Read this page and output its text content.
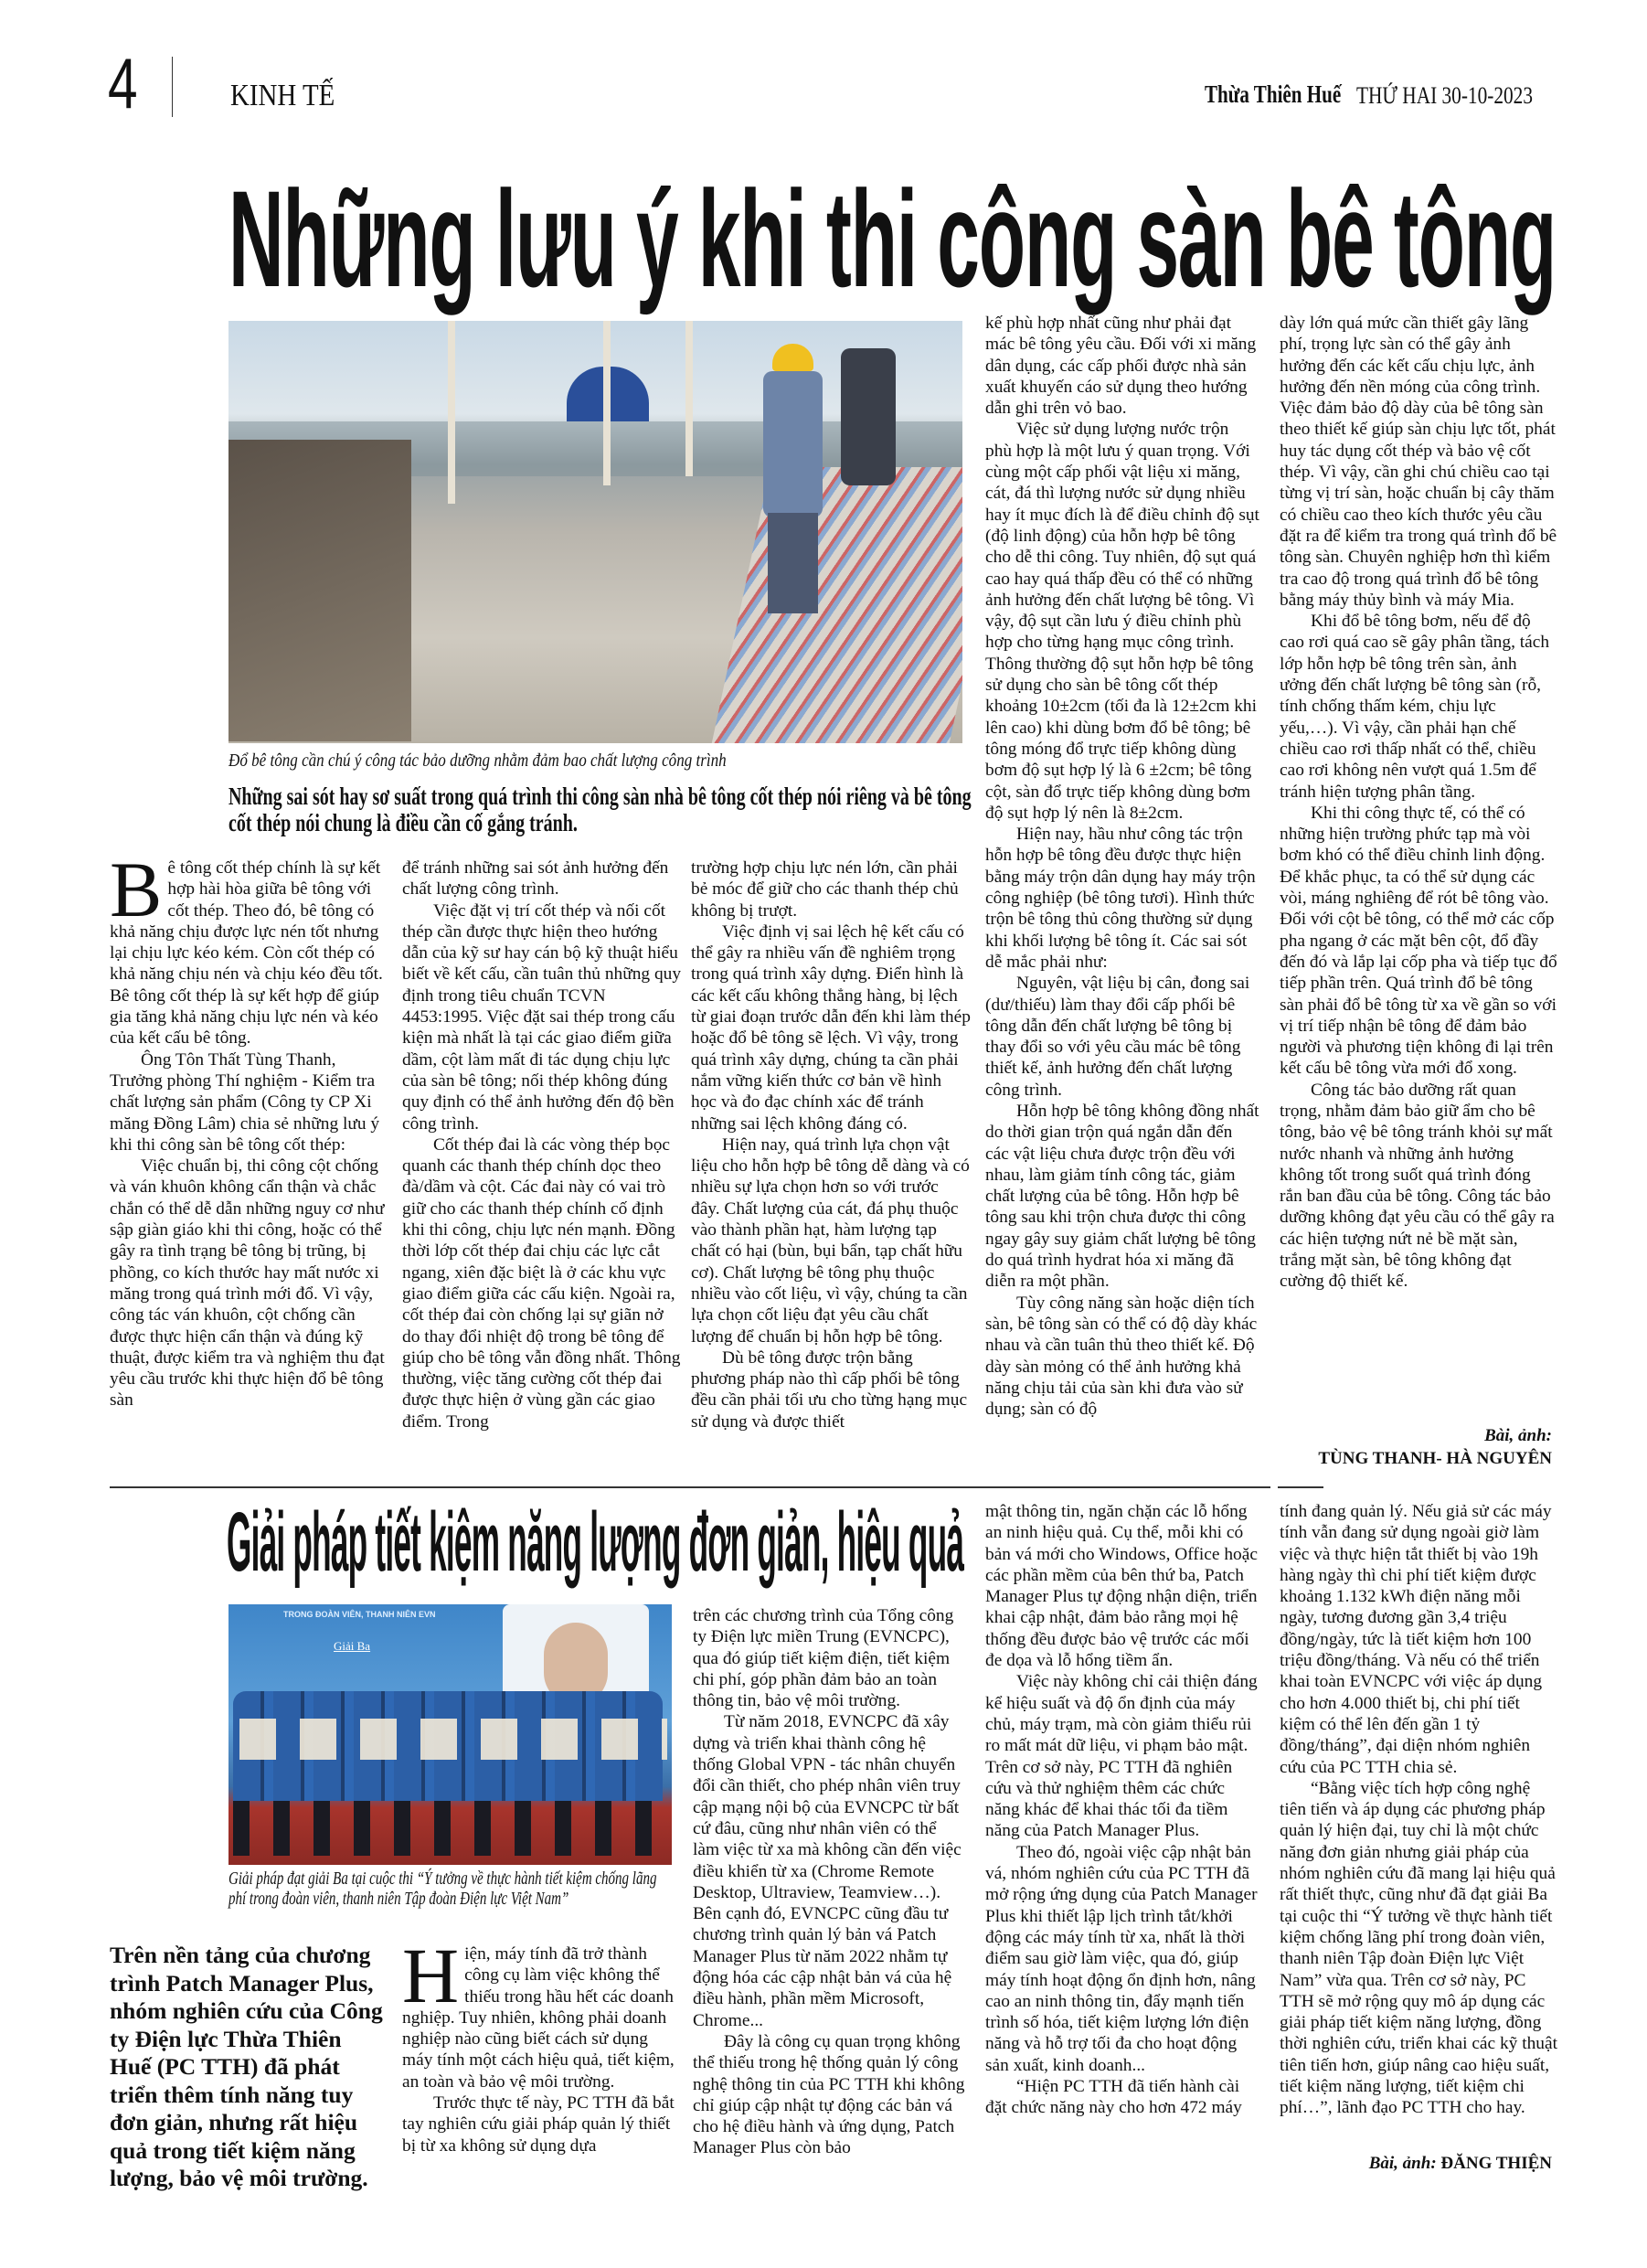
4	KINH TẾ	Thừa Thiên Huế THỨ HAI 30-10-2023
Những lưu ý khi thi công sàn bê tông
Đổ bê tông cần chú ý công tác bảo dưỡng nhằm đảm bao chất lượng công trình
Những sai sót hay sơ suất trong quá trình thi công sàn nhà bê tông cốt thép nói riêng và bê tông cốt thép nói chung là điều cần cố gắng tránh.
B ê tông cốt thép chính là sự kết hợp hài hòa giữa bê tông với cốt thép. Theo đó, bê tông có khả năng chịu được lực nén tốt nhưng lại chịu lực kéo kém. Còn cốt thép có khả năng chịu nén và chịu kéo đều tốt. Bê tông cốt thép là sự kết hợp để giúp gia tăng khả năng chịu lực nén và kéo của kết cấu bê tông.

Ông Tôn Thất Tùng Thanh, Trưởng phòng Thí nghiệm - Kiểm tra chất lượng sản phẩm (Công ty CP Xi măng Đồng Lâm) chia sẻ những lưu ý khi thi công sàn bê tông cốt thép:

Việc chuẩn bị, thi công cột chống và ván khuôn không cẩn thận và chắc chắn có thể dễ dẫn những nguy cơ như sập giàn giáo khi thi công, hoặc có thể gây ra tình trạng bê tông bị trũng, bị phồng, co kích thước hay mất nước xi măng trong quá trình mới đổ. Vì vậy, công tác ván khuôn, cột chống cần được thực hiện cẩn thận và đúng kỹ thuật, được kiểm tra và nghiệm thu đạt yêu cầu trước khi thực hiện đổ bê tông sàn

để tránh những sai sót ảnh hưởng đến chất lượng công trình.

Việc đặt vị trí cốt thép và nối cốt thép cần được thực hiện theo hướng dẫn của kỹ sư hay cán bộ kỹ thuật hiểu biết về kết cấu, cần tuân thủ những quy định trong tiêu chuẩn TCVN 4453:1995. Việc đặt sai thép trong cấu kiện mà nhất là tại các giao điểm giữa dầm, cột làm mất đi tác dụng chịu lực của sàn bê tông; nối thép không đúng quy định có thể ảnh hưởng đến độ bền công trình.

Cốt thép đai là các vòng thép bọc quanh các thanh thép chính dọc theo đà/dầm và cột. Các đai này có vai trò giữ cho các thanh thép chính cố định khi thi công, chịu lực nén mạnh. Đồng thời lớp cốt thép đai chịu các lực cắt ngang, xiên đặc biệt là ở các khu vực giao điểm giữa các cấu kiện. Ngoài ra, cốt thép đai còn chống lại sự giãn nở do thay đổi nhiệt độ trong bê tông để giúp cho bê tông vẫn đồng nhất. Thông thường, việc tăng cường cốt thép đai được thực hiện ở vùng gần các giao điểm. Trong

trường hợp chịu lực nén lớn, cần phải bẻ móc để giữ cho các thanh thép chủ không bị trượt.

Việc định vị sai lệch hệ kết cấu có thể gây ra nhiều vấn đề nghiêm trọng trong quá trình xây dựng. Điển hình là các kết cấu không thẳng hàng, bị lệch từ giai đoạn trước dẫn đến khi làm thép hoặc đổ bê tông sẽ lệch. Vì vậy, trong quá trình xây dựng, chúng ta cần phải nắm vững kiến thức cơ bản về hình học và đo đạc chính xác để tránh những sai lệch không đáng có.

Hiện nay, quá trình lựa chọn vật liệu cho hỗn hợp bê tông dễ dàng và có nhiều sự lựa chọn hơn so với trước đây. Chất lượng của cát, đá phụ thuộc vào thành phần hạt, hàm lượng tạp chất có hại (bùn, bụi bẩn, tạp chất hữu cơ). Chất lượng bê tông phụ thuộc nhiều vào cốt liệu, vì vậy, chúng ta cần lựa chọn cốt liệu đạt yêu cầu chất lượng để chuẩn bị hỗn hợp bê tông.

Dù bê tông được trộn bằng phương pháp nào thì cấp phối bê tông đều cần phải tối ưu cho từng hạng mục sử dụng và được thiết

kế phù hợp nhất cũng như phải đạt mác bê tông yêu cầu. Đối với xi măng dân dụng, các cấp phối được nhà sản xuất khuyến cáo sử dụng theo hướng dẫn ghi trên vỏ bao.

Việc sử dụng lượng nước trộn phù hợp là một lưu ý quan trọng. Với cùng một cấp phối vật liệu xi măng, cát, đá thì lượng nước sử dụng nhiều hay ít mục đích là để điều chỉnh độ sụt (độ linh động) của hỗn hợp bê tông cho dễ thi công. Tuy nhiên, độ sụt quá cao hay quá thấp đều có thể có những ảnh hưởng đến chất lượng bê tông. Vì vậy, độ sụt cần lưu ý điều chỉnh phù hợp cho từng hạng mục công trình. Thông thường độ sụt hỗn hợp bê tông sử dụng cho sàn bê tông cốt thép khoảng 10±2cm (tối đa là 12±2cm khi lên cao) khi dùng bơm đổ bê tông; bê tông móng đổ trực tiếp không dùng bơm độ sụt hợp lý là 6 ±2cm; bê tông cột, sàn đổ trực tiếp không dùng bơm độ sụt hợp lý nên là 8±2cm.

Hiện nay, hầu như công tác trộn hỗn hợp bê tông đều được thực hiện bằng máy trộn dân dụng hay máy trộn công nghiệp (bê tông tươi). Hình thức trộn bê tông thủ công thường sử dụng khi khối lượng bê tông ít. Các sai sót dễ mắc phải như:

Nguyên, vật liệu bị cân, đong sai (dư/thiếu) làm thay đổi cấp phối bê tông dẫn đến chất lượng bê tông bị thay đổi so với yêu cầu mác bê tông thiết kế, ảnh hưởng đến chất lượng công trình.

Hỗn hợp bê tông không đồng nhất do thời gian trộn quá ngắn dẫn đến các vật liệu chưa được trộn đều với nhau, làm giảm tính công tác, giảm chất lượng của bê tông. Hỗn hợp bê tông sau khi trộn chưa được thi công ngay gây suy giảm chất lượng bê tông do quá trình hydrat hóa xi măng đã diễn ra một phần.

Tùy công năng sàn hoặc diện tích sàn, bê tông sàn có thể có độ dày khác nhau và cần tuân thủ theo thiết kế. Độ dày sàn mỏng có thể ảnh hưởng khả năng chịu tải của sàn khi đưa vào sử dụng; sàn có độ

dày lớn quá mức cần thiết gây lãng phí, trọng lực sàn có thể gây ảnh hưởng đến các kết cấu chịu lực, ảnh hưởng đến nền móng của công trình. Việc đảm bảo độ dày của bê tông sàn theo thiết kế giúp sàn chịu lực tốt, phát huy tác dụng cốt thép và bảo vệ cốt thép. Vì vậy, cần ghi chú chiều cao tại từng vị trí sàn, hoặc chuẩn bị cây thăm có chiều cao theo kích thước yêu cầu đặt ra để kiểm tra trong quá trình đổ bê tông sàn. Chuyên nghiệp hơn thì kiểm tra cao độ trong quá trình đổ bê tông bằng máy thủy bình và máy Mia.

Khi đổ bê tông bơm, nếu để độ cao rơi quá cao sẽ gây phân tầng, tách lớp hỗn hợp bê tông trên sàn, ảnh ưởng đến chất lượng bê tông sàn (rỗ, tính chống thấm kém, chịu lực yếu,…). Vì vậy, cần phải hạn chế chiều cao rơi thấp nhất có thể, chiều cao rơi không nên vượt quá 1.5m để tránh hiện tượng phân tầng.

Khi thi công thực tế, có thể có những hiện trường phức tạp mà vòi bơm khó có thể điều chỉnh linh động. Để khắc phục, ta có thể sử dụng các vòi, máng nghiêng để rót bê tông vào. Đối với cột bê tông, có thể mở các cốp pha ngang ở các mặt bên cột, đổ đầy đến đó và lắp lại cốp pha và tiếp tục đổ tiếp phần trên. Quá trình đổ bê tông sàn phải đổ bê tông từ xa về gần so với vị trí tiếp nhận bê tông để đảm bảo người và phương tiện không đi lại trên kết cấu bê tông vừa mới đổ xong.

Công tác bảo dưỡng rất quan trọng, nhằm đảm bảo giữ ẩm cho bê tông, bảo vệ bê tông tránh khỏi sự mất nước nhanh và những ảnh hưởng không tốt trong suốt quá trình đóng rắn ban đầu của bê tông. Công tác bảo dưỡng không đạt yêu cầu có thể gây ra các hiện tượng nứt nẻ bề mặt sàn, trắng mặt sàn, bê tông không đạt cường độ thiết kế.

Bài, ảnh:
TÙNG THANH- HÀ NGUYÊN
Giải pháp tiết kiệm năng lượng đơn giản, hiệu quả
TRONG ĐOÀN VIÊN, THANH NIÊN EVN
Giải Ba
Giải pháp đạt giải Ba tại cuộc thi “Ý tưởng về thực hành tiết kiệm chống lãng phí trong đoàn viên, thanh niên Tập đoàn Điện lực Việt Nam”
Trên nền tảng của chương trình Patch Manager Plus, nhóm nghiên cứu của Công ty Điện lực Thừa Thiên Huế (PC TTH) đã phát triển thêm tính năng tuy đơn giản, nhưng rất hiệu quả trong tiết kiệm năng lượng, bảo vệ môi trường.
H iện, máy tính đã trở thành công cụ làm việc không thể thiếu trong hầu hết các doanh nghiệp. Tuy nhiên, không phải doanh nghiệp nào cũng biết cách sử dụng máy tính một cách hiệu quả, tiết kiệm, an toàn và bảo vệ môi trường.

Trước thực tế này, PC TTH đã bắt tay nghiên cứu giải pháp quản lý thiết bị từ xa không sử dụng dựa

trên các chương trình của Tổng công ty Điện lực miền Trung (EVNCPC), qua đó giúp tiết kiệm điện, tiết kiệm chi phí, góp phần đảm bảo an toàn thông tin, bảo vệ môi trường.

Từ năm 2018, EVNCPC đã xây dựng và triển khai thành công hệ thống Global VPN - tác nhân chuyển đổi cần thiết, cho phép nhân viên truy cập mạng nội bộ của EVNCPC từ bất cứ đâu, cũng như nhân viên có thể làm việc từ xa mà không cần đến việc điều khiển từ xa (Chrome Remote Desktop, Ultraview, Teamview…). Bên cạnh đó, EVNCPC cũng đầu tư chương trình quản lý bản vá Patch Manager Plus từ năm 2022 nhằm tự động hóa các cập nhật bản vá của hệ điều hành, phần mềm Microsoft, Chrome...

Đây là công cụ quan trọng không thể thiếu trong hệ thống quản lý công nghệ thông tin của PC TTH khi không chỉ giúp cập nhật tự động các bản vá cho hệ điều hành và ứng dụng, Patch Manager Plus còn bảo

mật thông tin, ngăn chặn các lỗ hổng an ninh hiệu quả. Cụ thể, mỗi khi có bản vá mới cho Windows, Office hoặc các phần mềm của bên thứ ba, Patch Manager Plus tự động nhận diện, triển khai cập nhật, đảm bảo rằng mọi hệ thống đều được bảo vệ trước các mối đe dọa và lỗ hổng tiềm ẩn.

Việc này không chỉ cải thiện đáng kể hiệu suất và độ ổn định của máy chủ, máy trạm, mà còn giảm thiểu rủi ro mất mát dữ liệu, vi phạm bảo mật. Trên cơ sở này, PC TTH đã nghiên cứu và thử nghiệm thêm các chức năng khác để khai thác tối đa tiềm năng của Patch Manager Plus.

Theo đó, ngoài việc cập nhật bản vá, nhóm nghiên cứu của PC TTH đã mở rộng ứng dụng của Patch Manager Plus khi thiết lập lịch trình tắt/khởi động các máy tính từ xa, nhất là thời điểm sau giờ làm việc, qua đó, giúp máy tính hoạt động ổn định hơn, nâng cao an ninh thông tin, đẩy mạnh tiến trình số hóa, tiết kiệm lượng lớn điện năng và hỗ trợ tối đa cho hoạt động sản xuất, kinh doanh...

“Hiện PC TTH đã tiến hành cài đặt chức năng này cho hơn 472 máy

tính đang quản lý. Nếu giả sử các máy tính vẫn đang sử dụng ngoài giờ làm việc và thực hiện tắt thiết bị vào 19h hàng ngày thì chi phí tiết kiệm được khoảng 1.132 kWh điện năng mỗi ngày, tương đương gần 3,4 triệu đồng/ngày, tức là tiết kiệm hơn 100 triệu đồng/tháng. Và nếu có thể triển khai toàn EVNCPC với việc áp dụng cho hơn 4.000 thiết bị, chi phí tiết kiệm có thể lên đến gần 1 tỷ đồng/tháng”, đại diện nhóm nghiên cứu của PC TTH chia sẻ.

“Bằng việc tích hợp công nghệ tiên tiến và áp dụng các phương pháp quản lý hiện đại, tuy chỉ là một chức năng đơn giản nhưng giải pháp của nhóm nghiên cứu đã mang lại hiệu quả rất thiết thực, cũng như đã đạt giải Ba tại cuộc thi “Ý tưởng về thực hành tiết kiệm chống lãng phí trong đoàn viên, thanh niên Tập đoàn Điện lực Việt Nam” vừa qua. Trên cơ sở này, PC TTH sẽ mở rộng quy mô áp dụng các giải pháp tiết kiệm năng lượng, đồng thời nghiên cứu, triển khai các kỹ thuật tiên tiến hơn, giúp nâng cao hiệu suất, tiết kiệm năng lượng, tiết kiệm chi phí…”, lãnh đạo PC TTH cho hay.

Bài, ảnh: ĐĂNG THIỆN
